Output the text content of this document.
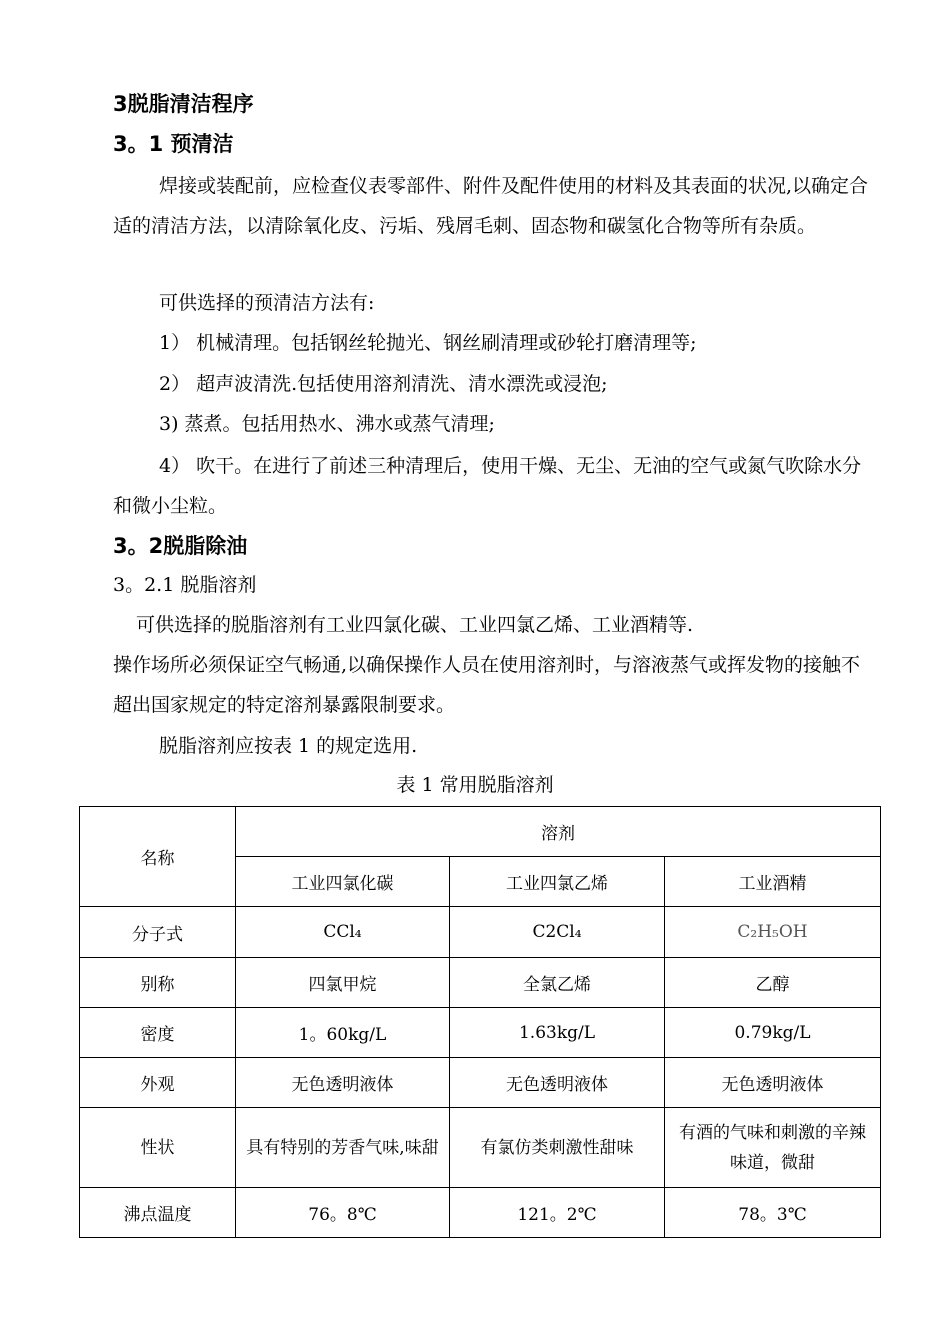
3脱脂清洁程序
3。1 预清洁
焊接或装配前，应检查仪表零部件、附件及配件使用的材料及其表面的状况,以确定合适的清洁方法，以清除氧化皮、污垢、残屑毛刺、固态物和碳氢化合物等所有杂质。
可供选择的预清洁方法有:
1） 机械清理。包括钢丝轮抛光、钢丝刷清理或砂轮打磨清理等;
2） 超声波清洗.包括使用溶剂清洗、清水漂洗或浸泡;
3) 蒸煮。包括用热水、沸水或蒸气清理;
4） 吹干。在进行了前述三种清理后，使用干燥、无尘、无油的空气或氮气吹除水分和微小尘粒。
3。2脱脂除油
3。2.1 脱脂溶剂
可供选择的脱脂溶剂有工业四氯化碳、工业四氯乙烯、工业酒精等.
操作场所必须保证空气畅通,以确保操作人员在使用溶剂时，与溶液蒸气或挥发物的接触不超出国家规定的特定溶剂暴露限制要求。
脱脂溶剂应按表 1 的规定选用.
表 1 常用脱脂溶剂
名称	溶剂		
	工业四氯化碳	工业四氯乙烯	工业酒精
分子式	CCl₄	C2Cl₄	C₂H₅OH
别称	四氯甲烷	全氯乙烯	乙醇
密度	1。60kg/L	1.63kg/L	0.79kg/L
外观	无色透明液体	无色透明液体	无色透明液体
性状	具有特别的芳香气味,味甜	有氯仿类刺激性甜味	有酒的气味和刺激的辛辣味道，微甜
沸点温度	76。8℃	121。2℃	78。3℃
